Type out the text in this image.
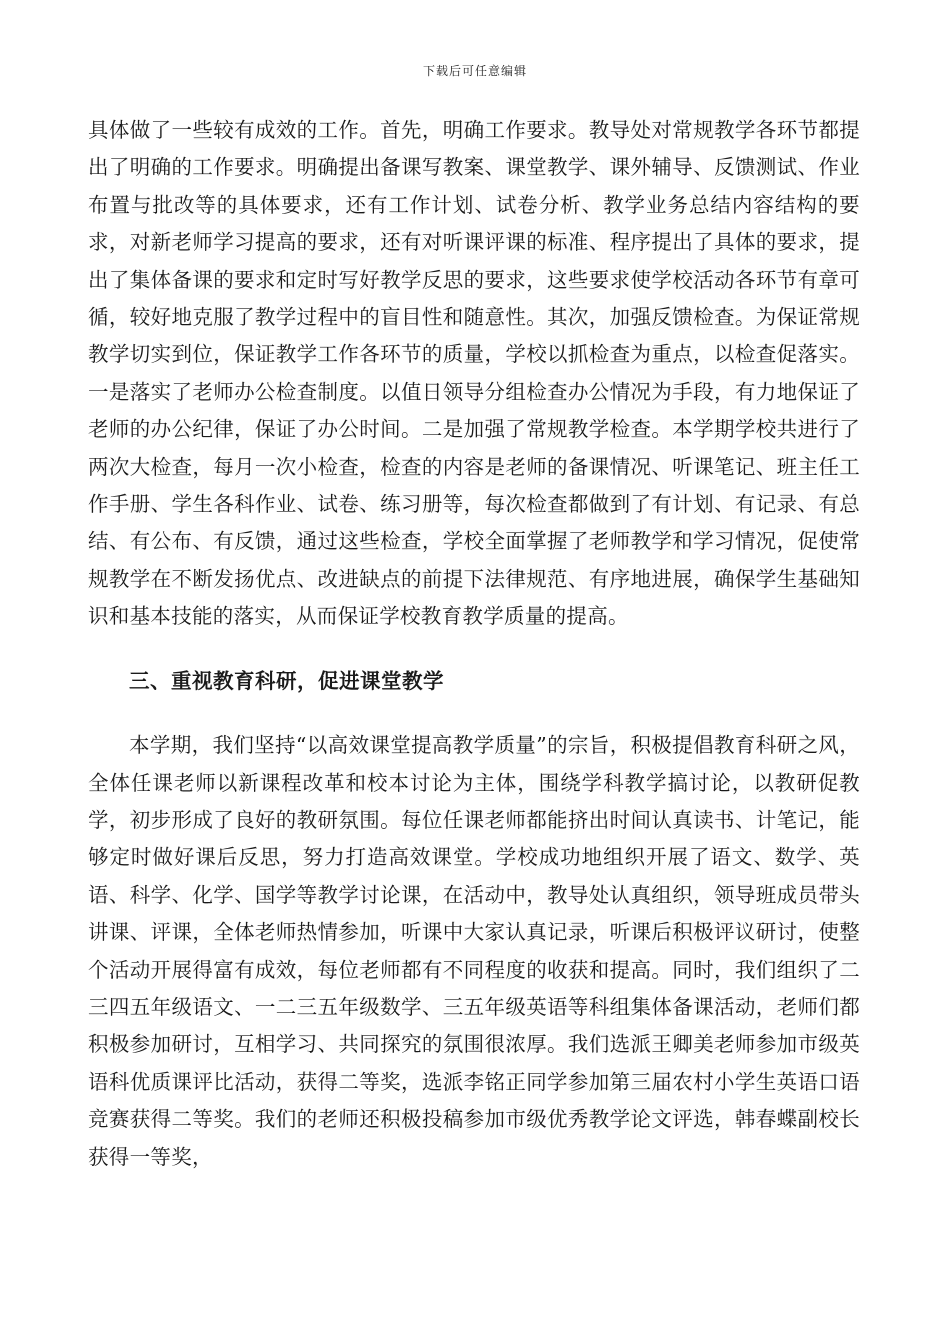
下载后可任意编辑

具体做了一些较有成效的工作。首先，明确工作要求。教导处对常规教学各环节都提出了明确的工作要求。明确提出备课写教案、课堂教学、课外辅导、反馈测试、作业布置与批改等的具体要求，还有工作计划、试卷分析、教学业务总结内容结构的要求，对新老师学习提高的要求，还有对听课评课的标准、程序提出了具体的要求，提出了集体备课的要求和定时写好教学反思的要求，这些要求使学校活动各环节有章可循，较好地克服了教学过程中的盲目性和随意性。其次，加强反馈检查。为保证常规教学切实到位，保证教学工作各环节的质量，学校以抓检查为重点，以检查促落实。一是落实了老师办公检查制度。以值日领导分组检查办公情况为手段，有力地保证了老师的办公纪律，保证了办公时间。二是加强了常规教学检查。本学期学校共进行了两次大检查，每月一次小检查，检查的内容是老师的备课情况、听课笔记、班主任工作手册、学生各科作业、试卷、练习册等，每次检查都做到了有计划、有记录、有总结、有公布、有反馈，通过这些检查，学校全面掌握了老师教学和学习情况，促使常规教学在不断发扬优点、改进缺点的前提下法律规范、有序地进展，确保学生基础知识和基本技能的落实，从而保证学校教育教学质量的提高。

三、重视教育科研，促进课堂教学

本学期，我们坚持“以高效课堂提高教学质量”的宗旨，积极提倡教育科研之风，全体任课老师以新课程改革和校本讨论为主体，围绕学科教学搞讨论，以教研促教学，初步形成了良好的教研氛围。每位任课老师都能挤出时间认真读书、计笔记，能够定时做好课后反思，努力打造高效课堂。学校成功地组织开展了语文、数学、英语、科学、化学、国学等教学讨论课，在活动中，教导处认真组织，领导班成员带头讲课、评课，全体老师热情参加，听课中大家认真记录，听课后积极评议研讨，使整个活动开展得富有成效，每位老师都有不同程度的收获和提高。同时，我们组织了二三四五年级语文、一二三五年级数学、三五年级英语等科组集体备课活动，老师们都积极参加研讨，互相学习、共同探究的氛围很浓厚。我们选派王卿美老师参加市级英语科优质课评比活动，获得二等奖，选派李铭正同学参加第三届农村小学生英语口语竞赛获得二等奖。我们的老师还积极投稿参加市级优秀教学论文评选，韩春蝶副校长获得一等奖，
